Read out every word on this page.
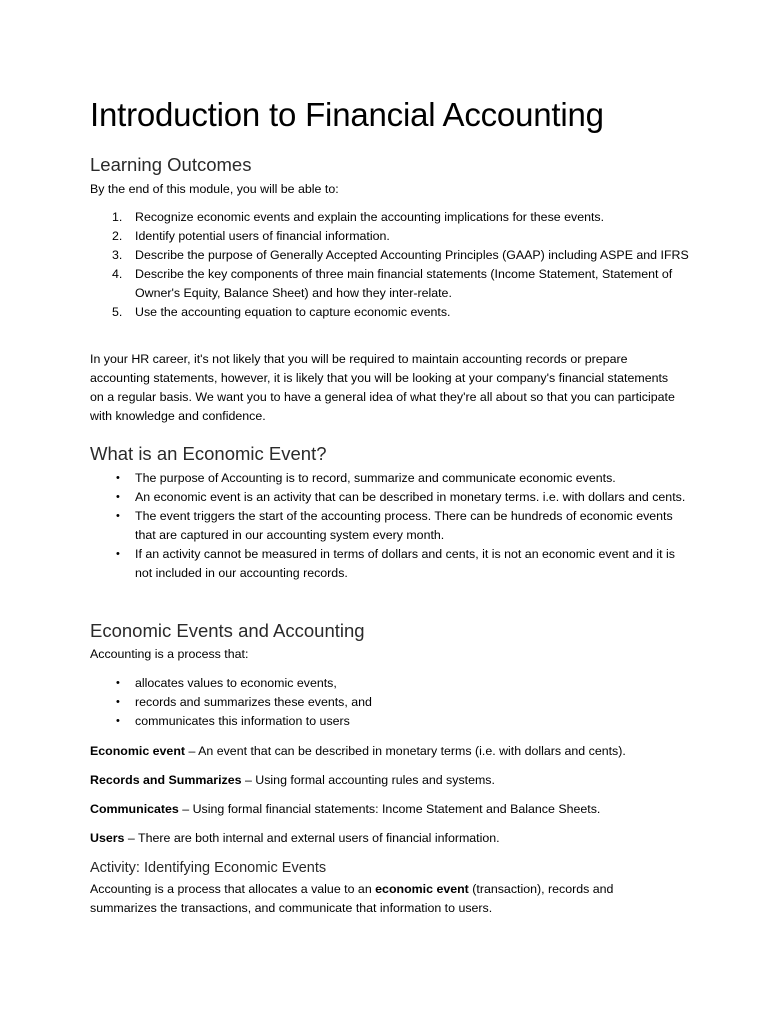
Introduction to Financial Accounting
Learning Outcomes

By the end of this module, you will be able to:

1. Recognize economic events and explain the accounting implications for these events.
2. Identify potential users of financial information.
3. Describe the purpose of Generally Accepted Accounting Principles (GAAP) including ASPE and IFRS
4. Describe the key components of three main financial statements (Income Statement, Statement of Owner's Equity, Balance Sheet) and how they inter-relate.
5. Use the accounting equation to capture economic events.

In your HR career, it's not likely that you will be required to maintain accounting records or prepare accounting statements, however, it is likely that you will be looking at your company's financial statements on a regular basis. We want you to have a general idea of what they're all about so that you can participate with knowledge and confidence.

What is an Economic Event?
• The purpose of Accounting is to record, summarize and communicate economic events.
• An economic event is an activity that can be described in monetary terms. i.e. with dollars and cents.
• The event triggers the start of the accounting process. There can be hundreds of economic events that are captured in our accounting system every month.
• If an activity cannot be measured in terms of dollars and cents, it is not an economic event and it is not included in our accounting records.
Economic Events and Accounting

Accounting is a process that:

• allocates values to economic events,
• records and summarizes these events, and
• communicates this information to users

Economic event – An event that can be described in monetary terms (i.e. with dollars and cents).

Records and Summarizes – Using formal accounting rules and systems.

Communicates – Using formal financial statements: Income Statement and Balance Sheets.

Users – There are both internal and external users of financial information.

Activity: Identifying Economic Events

Accounting is a process that allocates a value to an economic event (transaction), records and summarizes the transactions, and communicate that information to users.
